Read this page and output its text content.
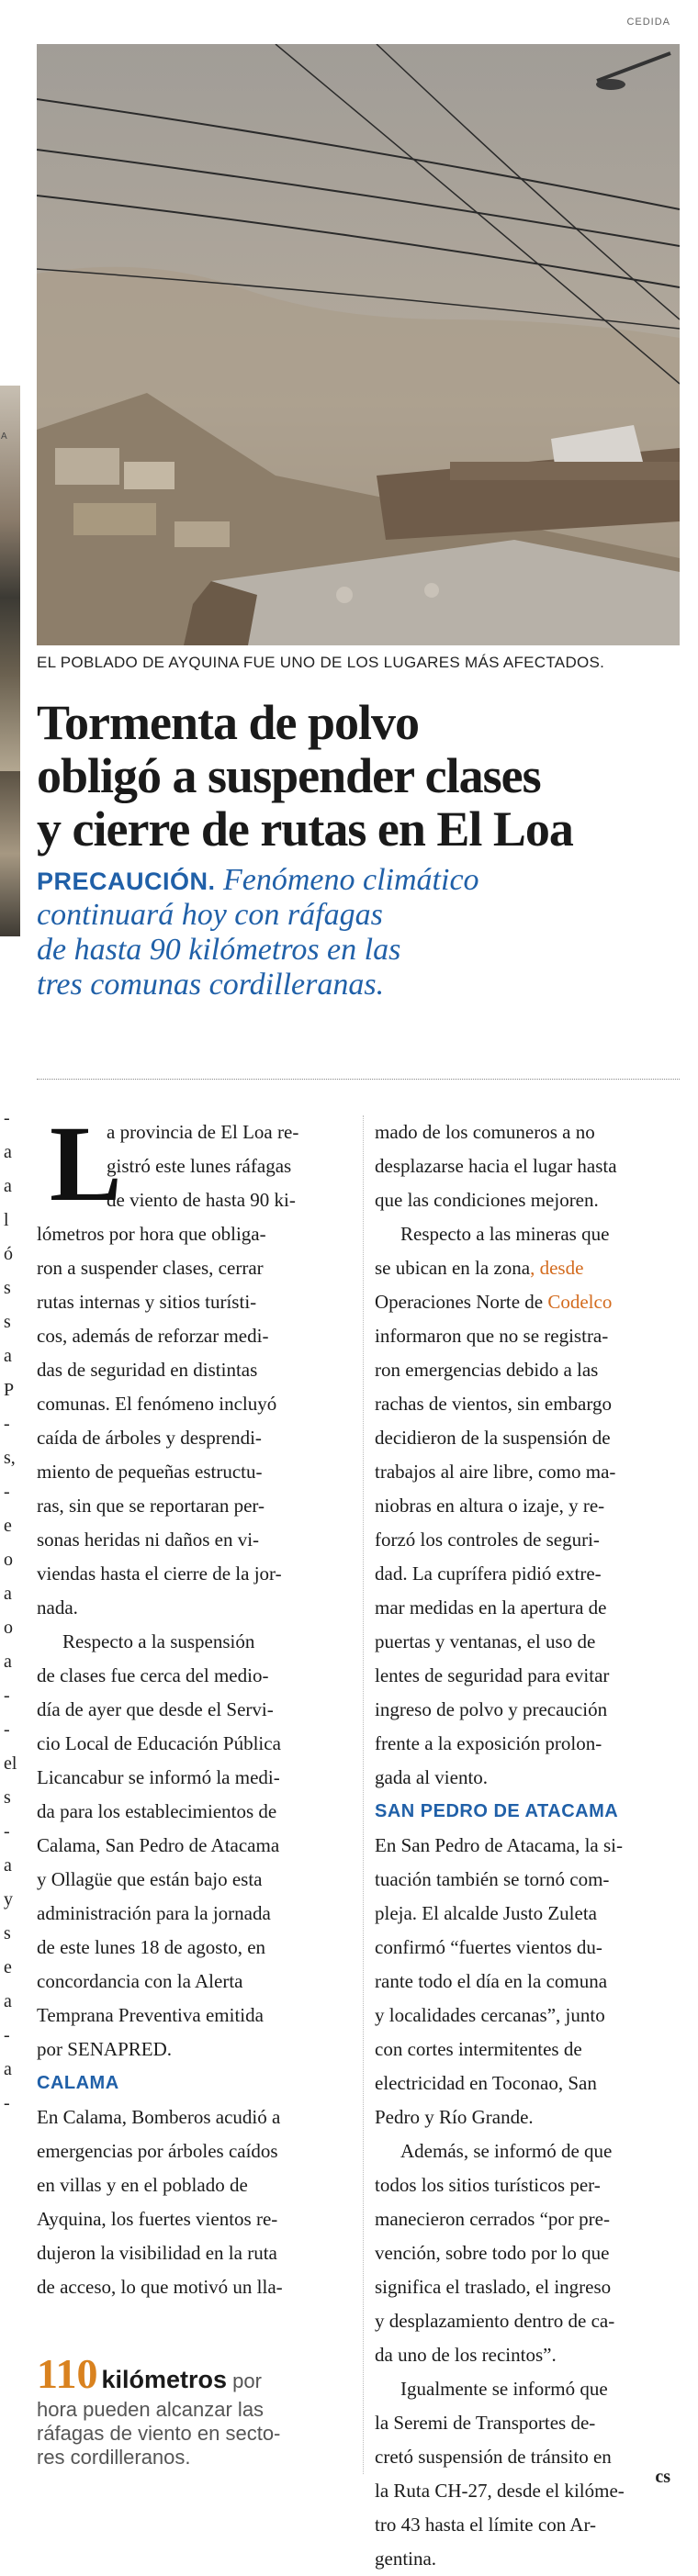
A
-
a
a
l
ó
s
s
a
P
-
s,
-
e
o
a
o
a
-
-
el
s
-
a
y
s
e
a
-
a
-
CEDIDA
EL POBLADO DE AYQUINA FUE UNO DE LOS LUGARES MÁS AFECTADOS.
Tormenta de polvo
obligó a suspender clases
y cierre de rutas en El Loa
PRECAUCIÓN. Fenómeno climático
continuará hoy con ráfagas
de hasta 90 kilómetros en las
tres comunas cordilleranas.
L
a provincia de El Loa re-
gistró este lunes ráfagas
de viento de hasta 90 ki-

lómetros por hora que obliga-
ron a suspender clases, cerrar
rutas internas y sitios turísti-
cos, además de reforzar medi-
das de seguridad en distintas
comunas. El fenómeno incluyó
caída de árboles y desprendi-
miento de pequeñas estructu-
ras, sin que se reportaran per-
sonas heridas ni daños en vi-
viendas hasta el cierre de la jor-
nada.

Respecto a la suspensión
de clases fue cerca del medio-
día de ayer que desde el Servi-
cio Local de Educación Pública
Licancabur se informó la medi-
da para los establecimientos de
Calama, San Pedro de Atacama
y Ollagüe que están bajo esta
administración para la jornada
de este lunes 18 de agosto, en
concordancia con la Alerta
Temprana Preventiva emitida
por SENAPRED.

CALAMA

En Calama, Bomberos acudió a
emergencias por árboles caídos
en villas y en el poblado de
Ayquina, los fuertes vientos re-
dujeron la visibilidad en la ruta
de acceso, lo que motivó un lla-

110 kilómetros por
hora pueden alcanzar las
ráfagas de viento en secto-
res cordilleranos.

mado de los comuneros a no
desplazarse hacia el lugar hasta
que las condiciones mejoren.

Respecto a las mineras que
se ubican en la zona, desde
Operaciones Norte de Codelco

informaron que no se registra-
ron emergencias debido a las
rachas de vientos, sin embargo
decidieron de la suspensión de
trabajos al aire libre, como ma-
niobras en altura o izaje, y re-
forzó los controles de seguri-
dad. La cuprífera pidió extre-
mar medidas en la apertura de
puertas y ventanas, el uso de
lentes de seguridad para evitar
ingreso de polvo y precaución
frente a la exposición prolon-
gada al viento.

SAN PEDRO DE ATACAMA

En San Pedro de Atacama, la si-
tuación también se tornó com-
pleja. El alcalde Justo Zuleta
confirmó “fuertes vientos du-
rante todo el día en la comuna
y localidades cercanas”, junto
con cortes intermitentes de
electricidad en Toconao, San
Pedro y Río Grande.

Además, se informó de que
todos los sitios turísticos per-
manecieron cerrados “por pre-
vención, sobre todo por lo que
significa el traslado, el ingreso
y desplazamiento dentro de ca-
da uno de los recintos”.

Igualmente se informó que
la Seremi de Transportes de-
cretó suspensión de tránsito en
la Ruta CH-27, desde el kilóme-
tro 43 hasta el límite con Ar-
gentina.

cs
